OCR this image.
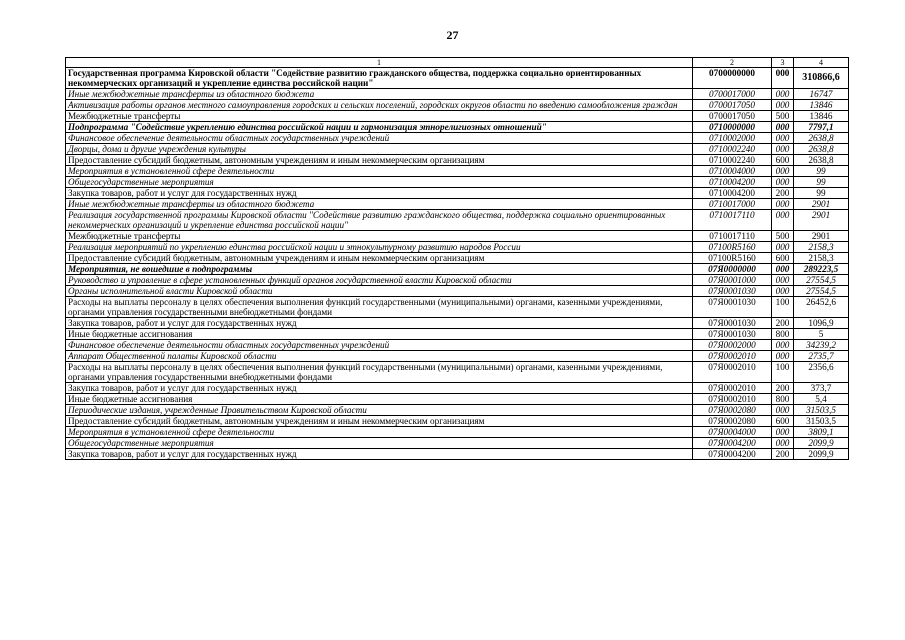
27
1	2	3	4
Государственная программа Кировской области "Содействие развитию гражданского общества, поддержка социально ориентированных некоммерческих организаций и укрепление единства российской нации"	0700000000	000	310866,6
Иные межбюджетные трансферты из областного бюджета	0700017000	000	16747
Активизация работы органов местного самоуправления городских и сельских поселений, городских округов области по введению самообложения граждан	0700017050	000	13846
Межбюджетные трансферты	0700017050	500	13846
Подпрограмма "Содействие укреплению единства российской нации и гармонизация этнорелигиозных отношений"	0710000000	000	7797,1
Финансовое обеспечение деятельности областных государственных учреждений	0710002000	000	2638,8
Дворцы, дома и другие учреждения культуры	0710002240	000	2638,8
Предоставление субсидий бюджетным, автономным учреждениям и иным некоммерческим организациям	0710002240	600	2638,8
Мероприятия в установленной сфере деятельности	0710004000	000	99
Общегосударственные мероприятия	0710004200	000	99
Закупка товаров, работ и услуг для государственных нужд	0710004200	200	99
Иные межбюджетные трансферты из областного бюджета	0710017000	000	2901
Реализация государственной программы Кировской области "Содействие развитию гражданского общества, поддержка социально ориентированных некоммерческих организаций и укрепление единства российской нации"	0710017110	000	2901
Межбюджетные трансферты	0710017110	500	2901
Реализация мероприятий по укреплению единства российской нации и этнокультурному развитию народов России	07100R5160	000	2158,3
Предоставление субсидий бюджетным, автономным учреждениям и иным некоммерческим организациям	07100R5160	600	2158,3
Мероприятия, не вошедшие в подпрограммы	07Я0000000	000	289223,5
Руководство и управление в сфере установленных функций органов государственной власти Кировской области	07Я0001000	000	27554,5
Органы исполнительной власти Кировской области	07Я0001030	000	27554,5
Расходы на выплаты персоналу в целях обеспечения выполнения функций государственными (муниципальными) органами, казенными учреждениями, органами управления государственными внебюджетными фондами	07Я0001030	100	26452,6
Закупка товаров, работ и услуг для государственных нужд	07Я0001030	200	1096,9
Иные бюджетные ассигнования	07Я0001030	800	5
Финансовое обеспечение деятельности областных государственных учреждений	07Я0002000	000	34239,2
Аппарат Общественной палаты Кировской области	07Я0002010	000	2735,7
Расходы на выплаты персоналу в целях обеспечения выполнения функций государственными (муниципальными) органами, казенными учреждениями, органами управления государственными внебюджетными фондами	07Я0002010	100	2356,6
Закупка товаров, работ и услуг для государственных нужд	07Я0002010	200	373,7
Иные бюджетные ассигнования	07Я0002010	800	5,4
Периодические издания, учрежденные Правительством Кировской области	07Я0002080	000	31503,5
Предоставление субсидий бюджетным, автономным учреждениям и иным некоммерческим организациям	07Я0002080	600	31503,5
Мероприятия в установленной сфере деятельности	07Я0004000	000	3809,1
Общегосударственные мероприятия	07Я0004200	000	2099,9
Закупка товаров, работ и услуг для государственных нужд	07Я0004200	200	2099,9
